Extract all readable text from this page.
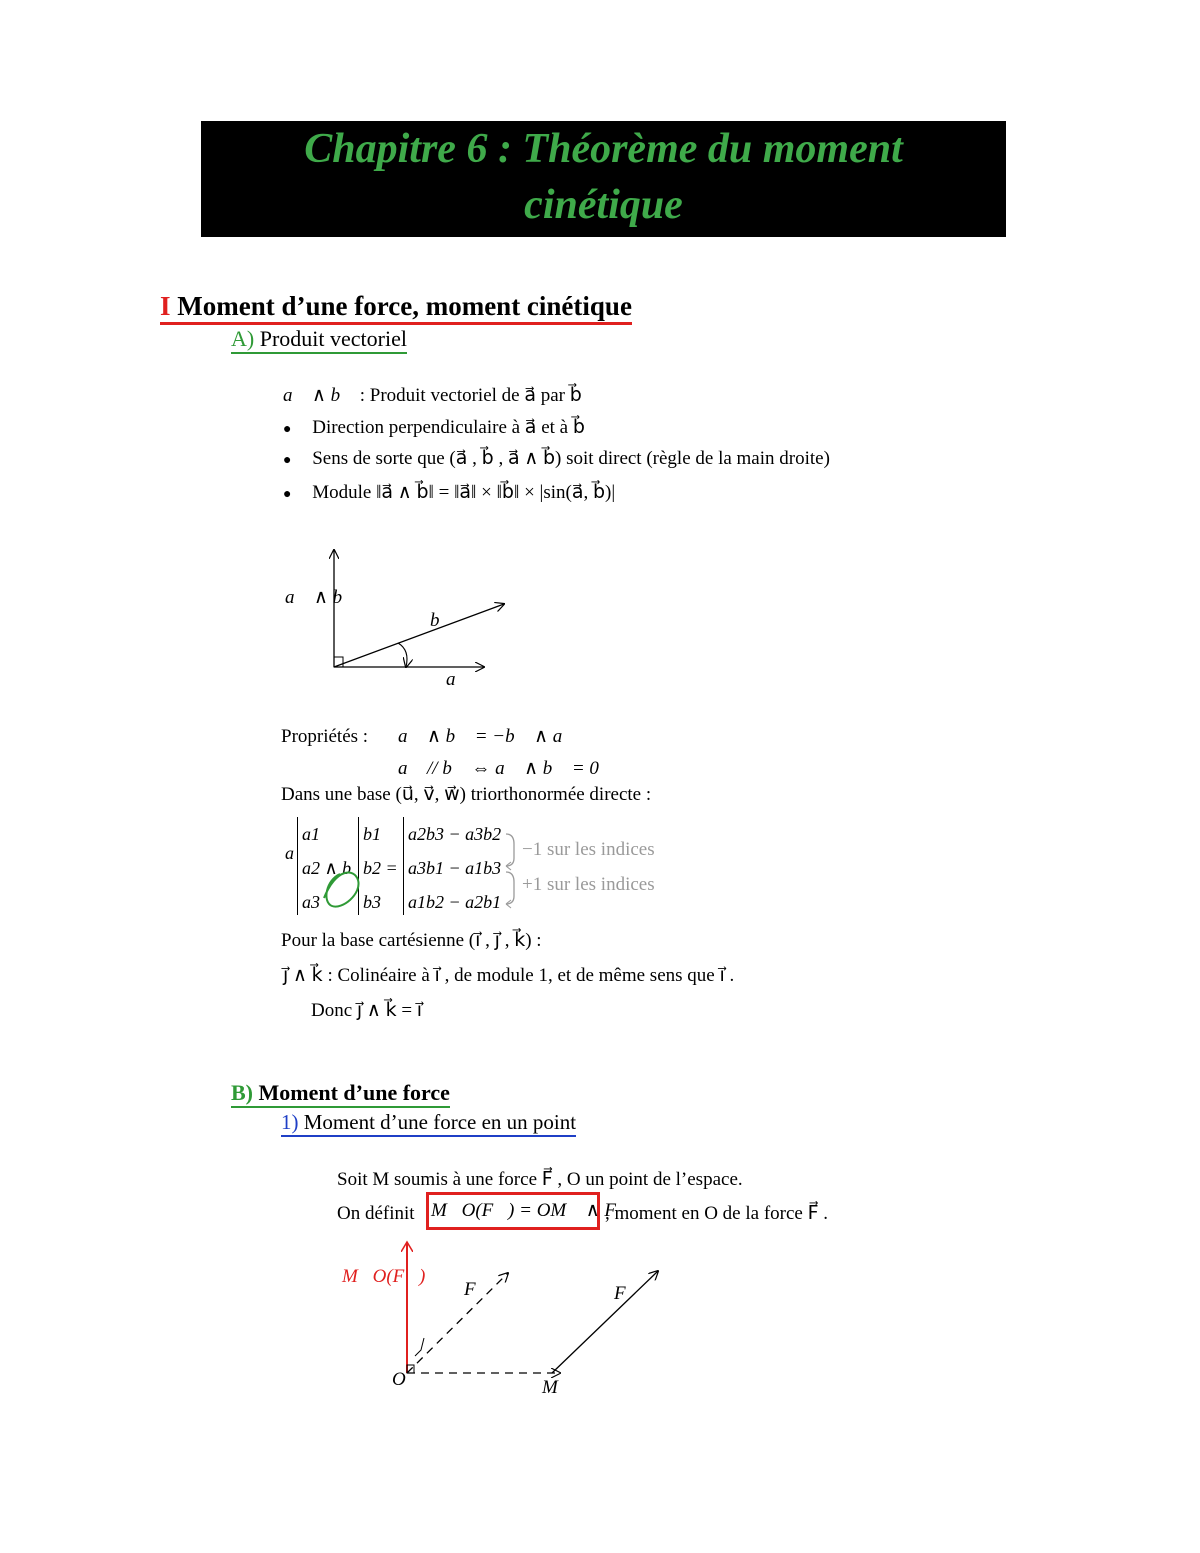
Chapitre 6 : Théorème du moment
cinétique
I Moment d’une force, moment cinétique
A) Produit vectoriel
a⃗ ∧ b⃗ : Produit vectoriel de a⃗ par b⃗
● Direction perpendiculaire à a⃗ et à b⃗
● Sens de sorte que (a⃗ , b⃗ , a⃗ ∧ b⃗) soit direct (règle de la main droite)
● Module ‖a⃗ ∧ b⃗‖ = ‖a⃗‖ × ‖b⃗‖ × |sin(a⃗, b⃗)|
a⃗ ∧ b⃗
b⃗
a⃗
Propriétés : a⃗ ∧ b⃗ = −b⃗ ∧ a⃗
a⃗ // b⃗ ⇔ a⃗ ∧ b⃗ = 0⃗
Dans une base (u⃗, v⃗, w⃗) triorthonormée directe :
a⃗
a1
a2 ∧ b⃗
a3
b1
b2 =
b3
a2b3 − a3b2
a3b1 − a1b3
a1b2 − a2b1
−1 sur les indices
+1 sur les indices
Pour la base cartésienne (i⃗ , j⃗ , k⃗) :
j⃗ ∧ k⃗ : Colinéaire à i⃗ , de module 1, et de même sens que i⃗ .
Donc j⃗ ∧ k⃗ = i⃗
B) Moment d’une force
1) Moment d’une force en un point
Soit M soumis à une force F⃗ , O un point de l’espace.
On définit M⃗O(F⃗) = OM⃗ ∧ F⃗
, moment en O de la force F⃗ .
M⃗O(F⃗)
F⃗	F⃗
O	M
